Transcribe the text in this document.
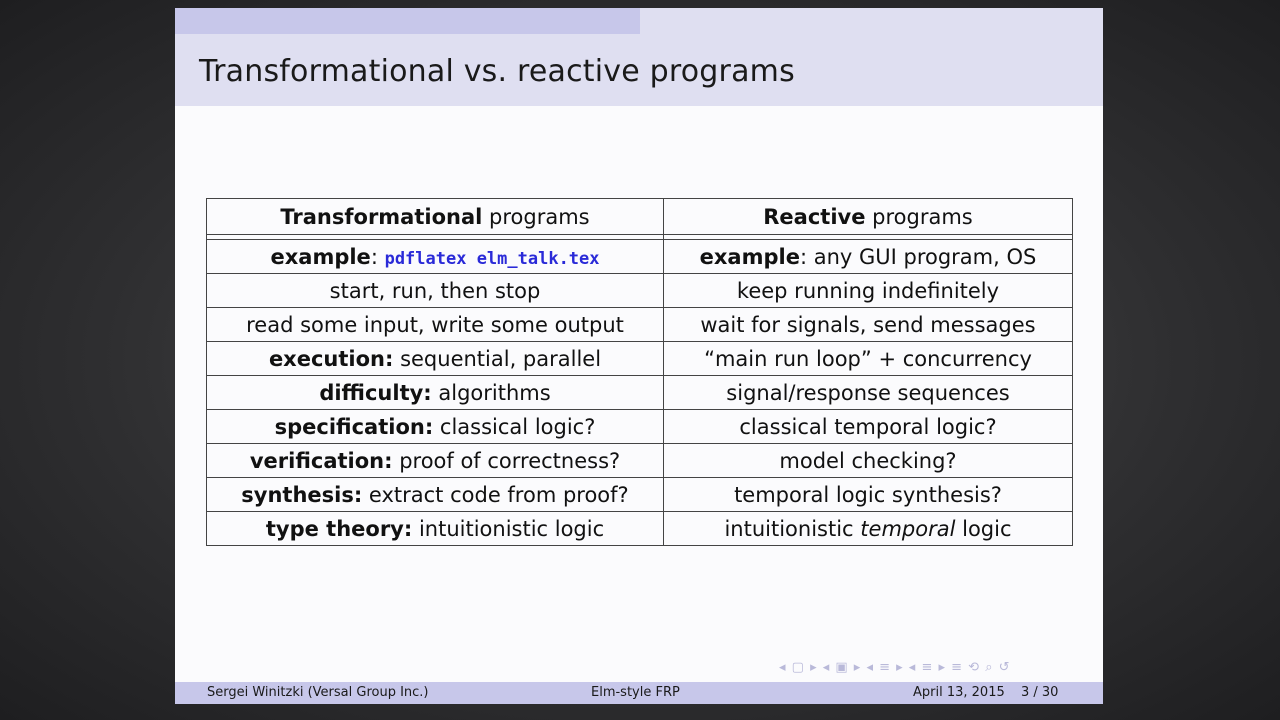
Transformational vs. reactive programs
Transformational programs	Reactive programs

example: pdflatex elm_talk.tex	example: any GUI program, OS
start, run, then stop	keep running indefinitely
read some input, write some output	wait for signals, send messages
execution: sequential, parallel	“main run loop” + concurrency
difficulty: algorithms	signal/response sequences
specification: classical logic?	classical temporal logic?
verification: proof of correctness?	model checking?
synthesis: extract code from proof?	temporal logic synthesis?
type theory: intuitionistic logic	intuitionistic temporal logic
◂ ▢ ▸ ◂ ▣ ▸ ◂ ≡ ▸ ◂ ≡ ▸ ≡ ⟲ ⌕ ↺
Sergei Winitzki (Versal Group Inc.)	Elm-style FRP	April 13, 2015 3 / 30
